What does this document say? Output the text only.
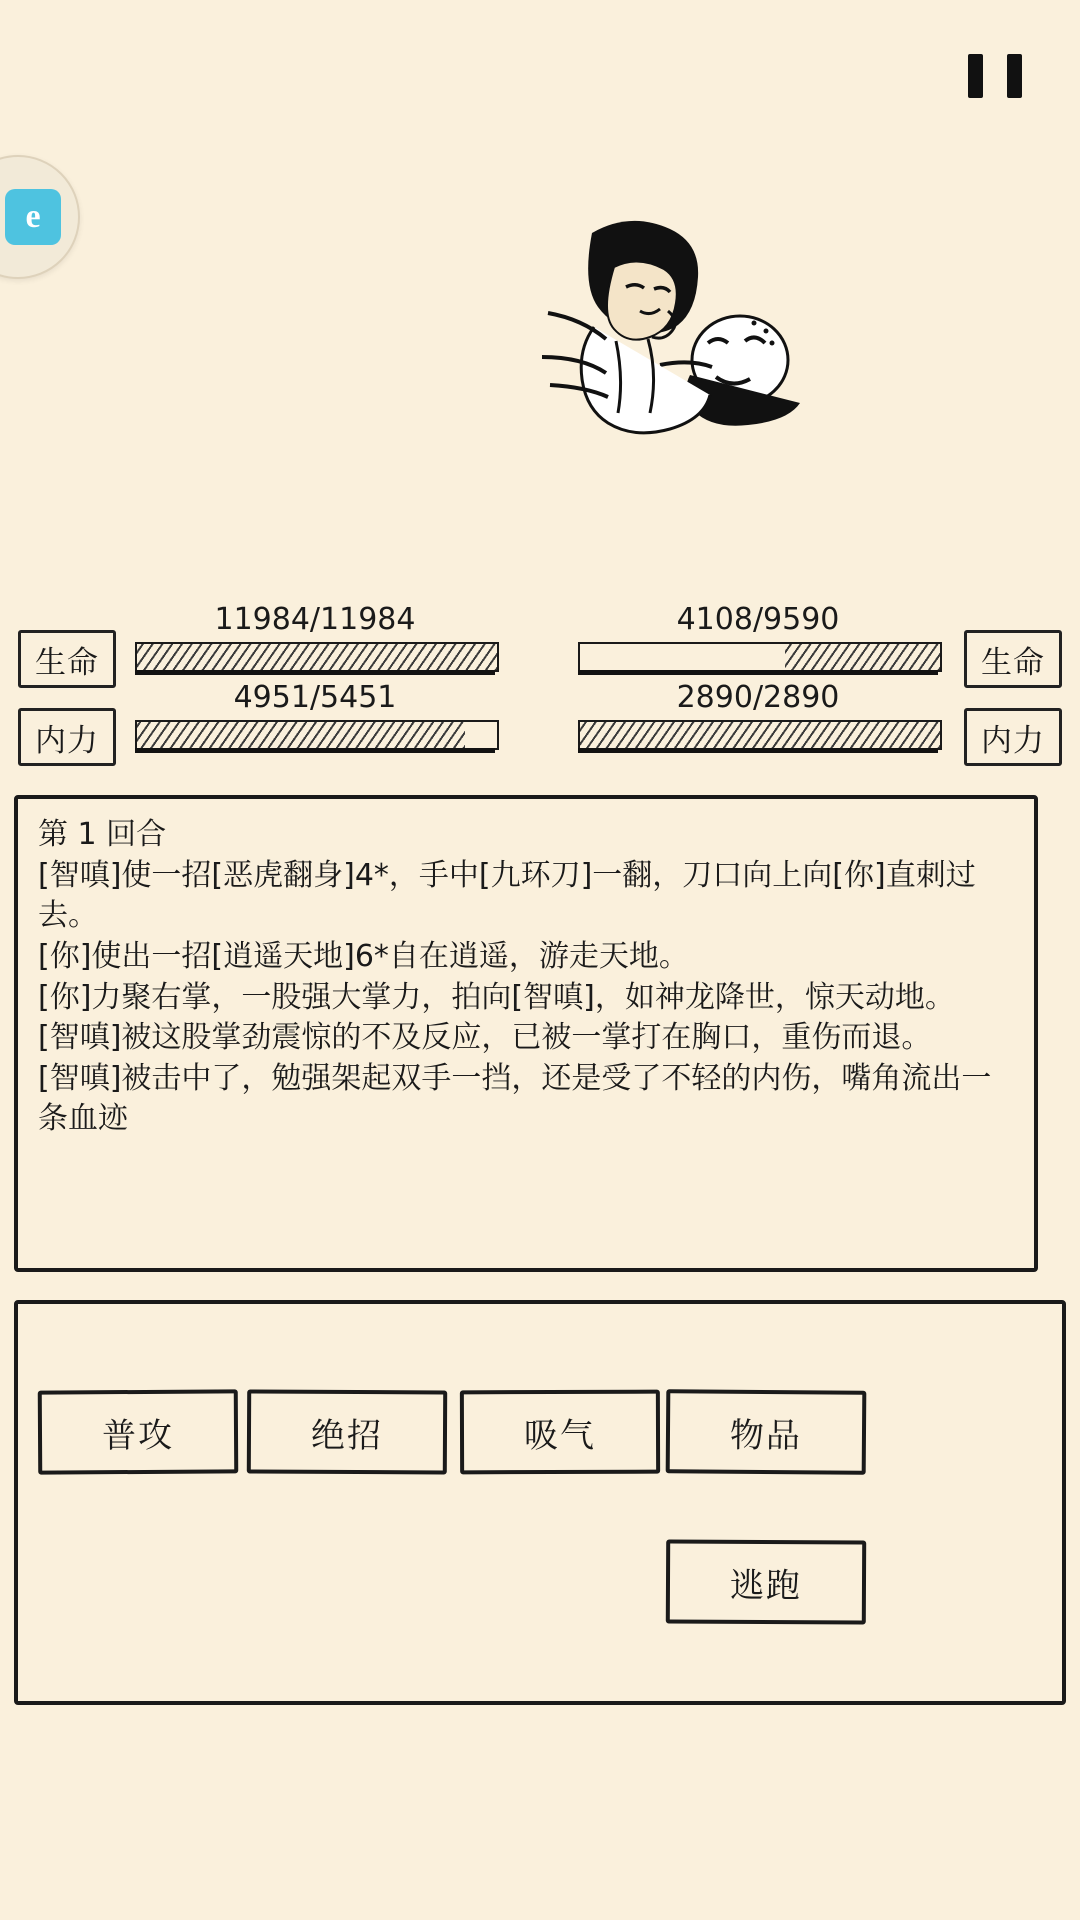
e
生命
11984/11984	4108/9590
生命
内力
4951/5451	2890/2890
内力

第 1 回合

[智嗔]使一招[恶虎翻身]4*，手中[九环刀]一翻，刀口向上向[你]直刺过去。

[你]使出一招[逍遥天地]6*自在逍遥，游走天地。

[你]力聚右掌，一股强大掌力，拍向[智嗔]，如神龙降世，惊天动地。

[智嗔]被这股掌劲震惊的不及反应，已被一掌打在胸口，重伤而退。

[智嗔]被击中了，勉强架起双手一挡，还是受了不轻的内伤，嘴角流出一条血迹

普攻	绝招	吸气	物品
逃跑
